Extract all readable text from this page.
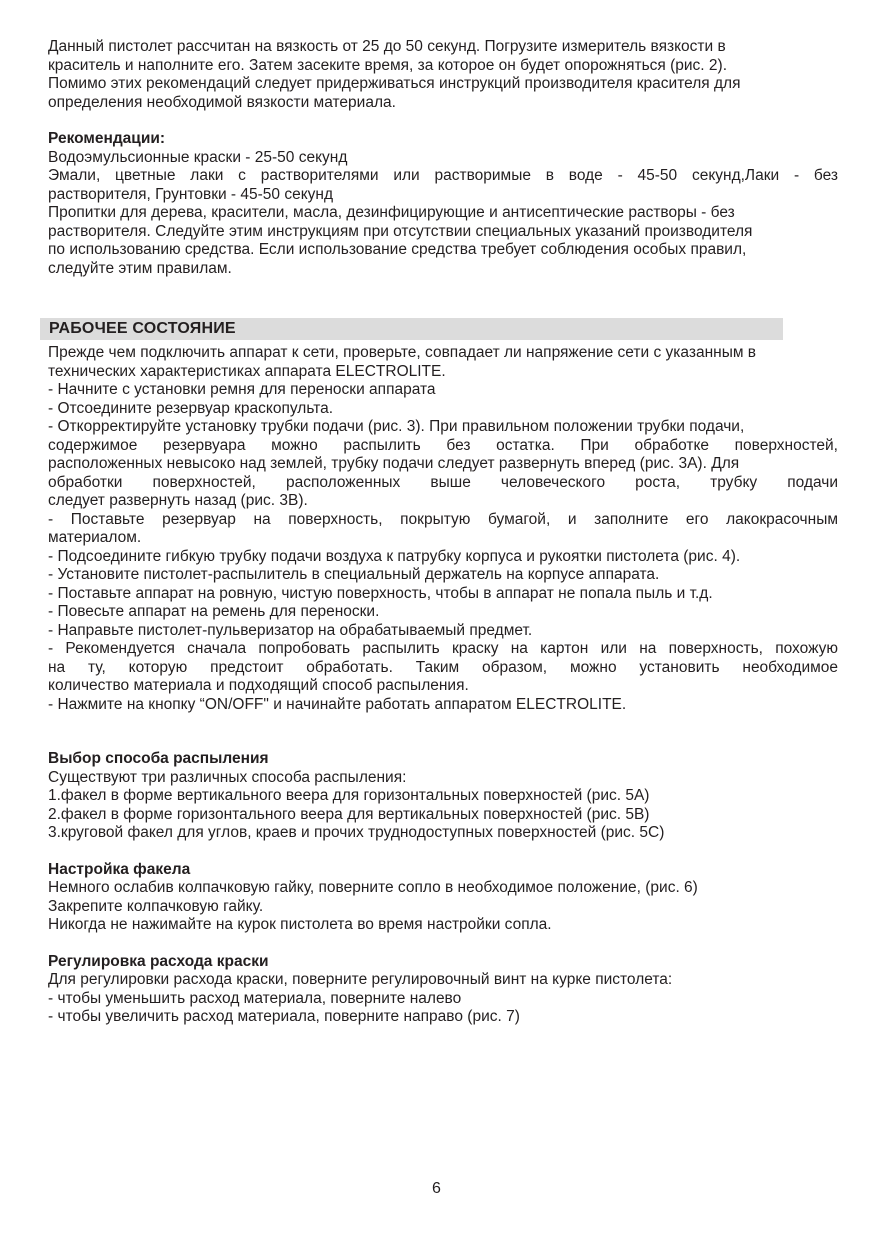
Данный пистолет рассчитан на вязкость от 25 до 50 секунд. Погрузите измеритель вязкости в
краситель и наполните его. Затем засеките время, за которое он будет опорожняться (рис. 2).
Помимо этих рекомендаций следует придерживаться инструкций производителя красителя для
определения необходимой вязкости материала.

Рекомендации:
Водоэмульсионные краски - 25-50 секунд
Эмали, цветные лаки с растворителями или растворимые в воде - 45-50 секунд,Лаки - без
растворителя, Грунтовки - 45-50 секунд
Пропитки для дерева, красители, масла, дезинфицирующие и антисептические растворы - без
растворителя. Следуйте этим инструкциям при отсутствии специальных указаний производителя
по использованию средства. Если использование средства требует соблюдения особых правил,
следуйте этим правилам.

РАБОЧЕЕ СОСТОЯНИЕ

Прежде чем подключить аппарат к сети, проверьте, совпадает ли напряжение сети с указанным в
технических характеристиках аппарата ELECTROLITE.
- Начните с установки ремня для переноски аппарата
- Отсоедините резервуар краскопульта.
- Откорректируйте установку трубки подачи (рис. 3). При правильном положении трубки подачи,
содержимое резервуара можно распылить без остатка. При обработке поверхностей,
расположенных невысоко над землей, трубку подачи следует развернуть вперед (рис. 3А). Для
обработки поверхностей, расположенных выше человеческого роста, трубку подачи
следует развернуть назад (рис. 3В).
- Поставьте резервуар на поверхность, покрытую бумагой, и заполните его лакокрасочным
материалом.
- Подсоедините гибкую трубку подачи воздуха к патрубку корпуса и рукоятки пистолета (рис. 4).
- Установите пистолет-распылитель в специальный держатель на корпусе аппарата.
- Поставьте аппарат на ровную, чистую поверхность, чтобы в аппарат не попала пыль и т.д.
- Повесьте аппарат на ремень для переноски.
- Направьте пистолет-пульверизатор на обрабатываемый предмет.
- Рекомендуется сначала попробовать распылить краску на картон или на поверхность, похожую
на ту, которую предстоит обработать. Таким образом, можно установить необходимое
количество материала и подходящий способ распыления.
- Нажмите на кнопку “ON/OFF" и начинайте работать аппаратом ELECTROLITE.

Выбор способа распыления
Существуют три различных способа распыления:
1.факел в форме вертикального веера для горизонтальных поверхностей (рис. 5A)
2.факел в форме горизонтального веера для вертикальных поверхностей (рис. 5B)
3.круговой факел для углов, краев и прочих труднодоступных поверхностей (рис. 5C)

Настройка факела
Немного ослабив колпачковую гайку, поверните сопло в необходимое положение, (рис. 6)
Закрепите колпачковую гайку.
Никогда не нажимайте на курок пистолета во время настройки сопла.

Регулировка расхода краски
Для регулировки расхода краски, поверните регулировочный винт на курке пистолета:
- чтобы уменьшить расход материала, поверните налево
- чтобы увеличить расход материала, поверните направо (рис. 7)

6
